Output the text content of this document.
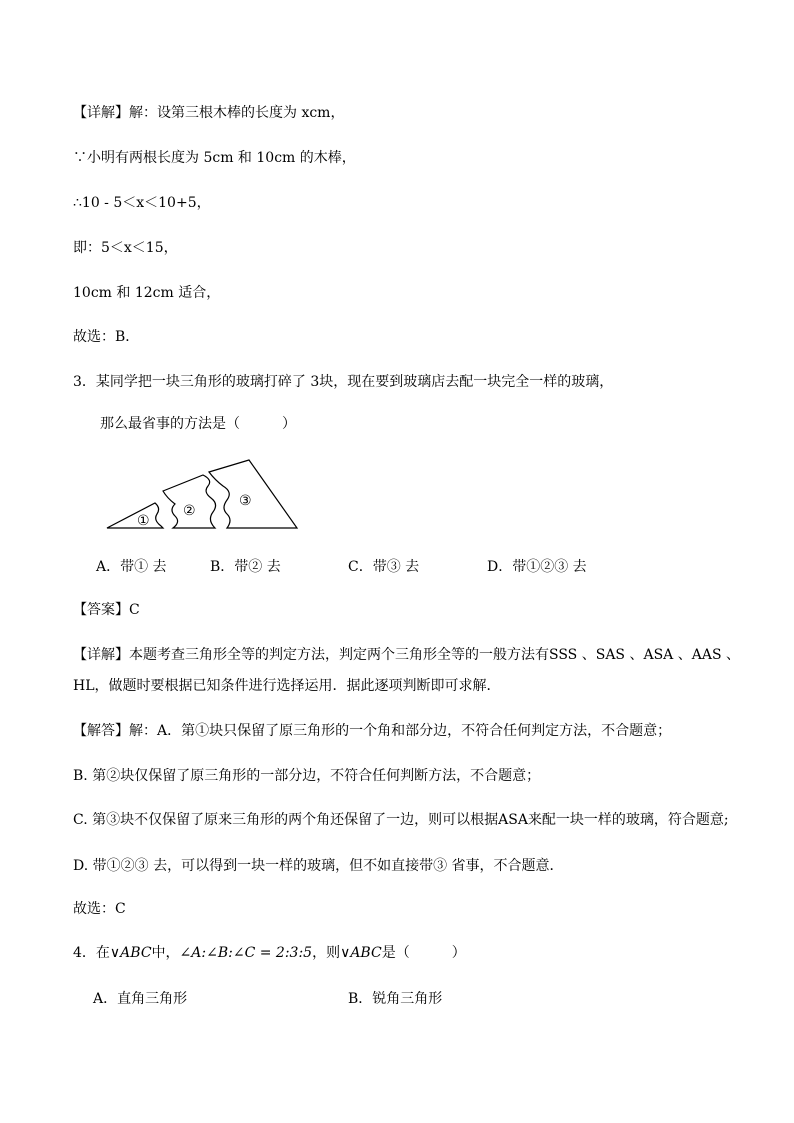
【详解】解：设第三根木棒的长度为 xcm，
∵小明有两根长度为 5cm 和 10cm 的木棒，
∴10 - 5＜x＜10+5，
即：5＜x＜15，
10cm 和 12cm 适合，
故选：B．
3．某同学把一块三角形的玻璃打碎了 3块，现在要到玻璃店去配一块完全一样的玻璃，
那么最省事的方法是（　　　）
①
②
③
A．带① 去	B．带② 去	C．带③ 去	D．带①②③ 去
【答案】C
【详解】本题考查三角形全等的判定方法，判定两个三角形全等的一般方法有SSS 、SAS 、ASA 、AAS 、
HL，做题时要根据已知条件进行选择运用．据此逐项判断即可求解．
【解答】解：A．第①块只保留了原三角形的一个角和部分边，不符合任何判定方法，不合题意；
B. 第②块仅保留了原三角形的一部分边，不符合任何判断方法，不合题意；
C. 第③块不仅保留了原来三角形的两个角还保留了一边，则可以根据ASA来配一块一样的玻璃，符合题意;
D. 带①②③ 去，可以得到一块一样的玻璃，但不如直接带③ 省事，不合题意．
故选：C
4．在∨ABC中，∠A:∠B:∠C = 2:3:5，则∨ABC是（　　　）
A．直角三角形	B．锐角三角形
